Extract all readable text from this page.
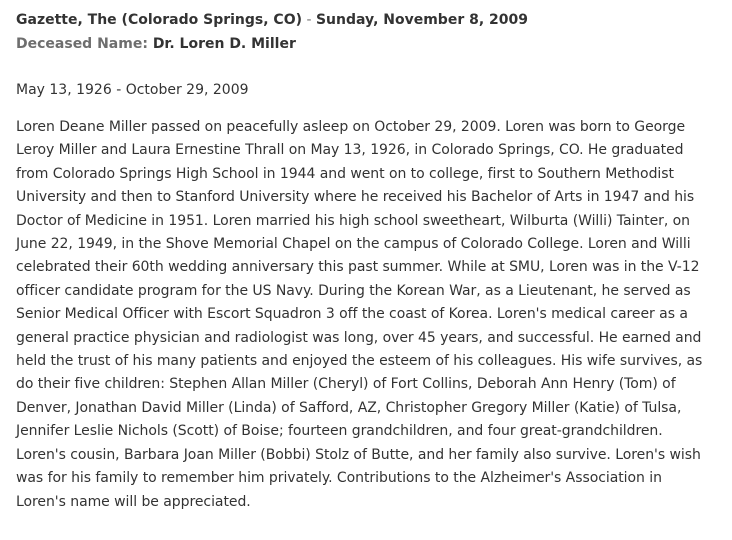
Gazette, The (Colorado Springs, CO) - Sunday, November 8, 2009
Deceased Name: Dr. Loren D. Miller

May 13, 1926 - October 29, 2009

Loren Deane Miller passed on peacefully asleep on October 29, 2009. Loren was born to George Leroy Miller and Laura Ernestine Thrall on May 13, 1926, in Colorado Springs, CO. He graduated from Colorado Springs High School in 1944 and went on to college, first to Southern Methodist University and then to Stanford University where he received his Bachelor of Arts in 1947 and his Doctor of Medicine in 1951. Loren married his high school sweetheart, Wilburta (Willi) Tainter, on June 22, 1949, in the Shove Memorial Chapel on the campus of Colorado College. Loren and Willi celebrated their 60th wedding anniversary this past summer. While at SMU, Loren was in the V-12 officer candidate program for the US Navy. During the Korean War, as a Lieutenant, he served as Senior Medical Officer with Escort Squadron 3 off the coast of Korea. Loren's medical career as a general practice physician and radiologist was long, over 45 years, and successful. He earned and held the trust of his many patients and enjoyed the esteem of his colleagues. His wife survives, as do their five children: Stephen Allan Miller (Cheryl) of Fort Collins, Deborah Ann Henry (Tom) of Denver, Jonathan David Miller (Linda) of Safford, AZ, Christopher Gregory Miller (Katie) of Tulsa, Jennifer Leslie Nichols (Scott) of Boise; fourteen grandchildren, and four great-grandchildren. Loren's cousin, Barbara Joan Miller (Bobbi) Stolz of Butte, and her family also survive. Loren's wish was for his family to remember him privately. Contributions to the Alzheimer's Association in Loren's name will be appreciated.
